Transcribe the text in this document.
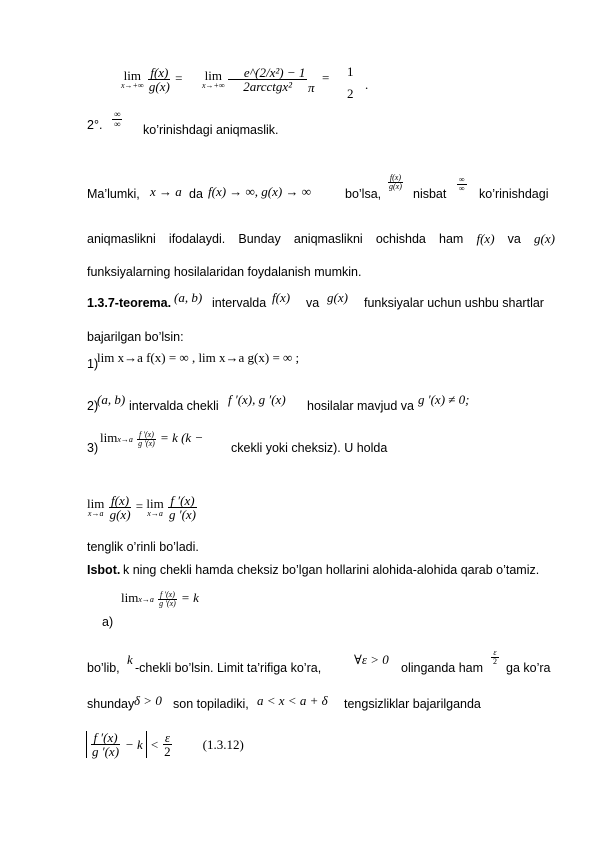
lim
x→+∞
$\frac{f(x)}{g(x)} = \lim$
x→+∞
$\frac{\text{e\textasciicircum{}(2/x²) − 1}}{\text{2arcctgx²}}$ π
= 1
2
.
2°. $\frac{\infty}{\infty}$
ko’rinishdagi aniqmaslik.
Ma’lumki, x → a da f(x) → ∞, g(x) → ∞	bo’lsa,
$\frac{f(x)}{g(x)}$
nisbat
$\frac{\infty}{\infty}$
ko’rinishdagi
aniqmaslikni ifodalaydi. Bunday aniqmaslikni ochishda ham f(x) va g(x)
funksiyalarning hosilalaridan foydalanish mumkin.
1.3.7-teorema. (a, b) intervalda f(x) va g(x) funksiyalar uchun ushbu shartlar
bajarilgan bo’lsin:
1)
lim x→a f(x) = ∞ , lim x→a g(x) = ∞ ;
2)
(a, b) intervalda chekli f ′(x), g ′(x) hosilalar mavjud va g ′(x) ≠ 0;
3)
$\lim x\to a \frac{f '(x)}{g '(x)} = k$ (k −
ckekli yoki cheksiz). U holda
lim
x→a
$\frac{f(x)}{g(x)} = \lim$
x→a
$\frac{f '(x)}{g '(x)}$
tenglik o’rinli bo’ladi.
Isbot. k ning chekli hamda cheksiz bo’lgan hollarini alohida-alohida qarab o’tamiz.
$\lim x\to a \frac{f '(x)}{g '(x)} = k$
a)
bo’lib,
k
-chekli bo’lsin. Limit ta’rifiga ko’ra,
∀ε > 0
olinganda ham
$\frac{\varepsilon}{2}$
ga ko’ra
shunday δ > 0 son topiladiki, a < x < a + δ tengsizliklar bajarilganda
$\frac{f '(x)}{g '(x)} - k < \frac{\varepsilon}{2} (1.3.12)$
